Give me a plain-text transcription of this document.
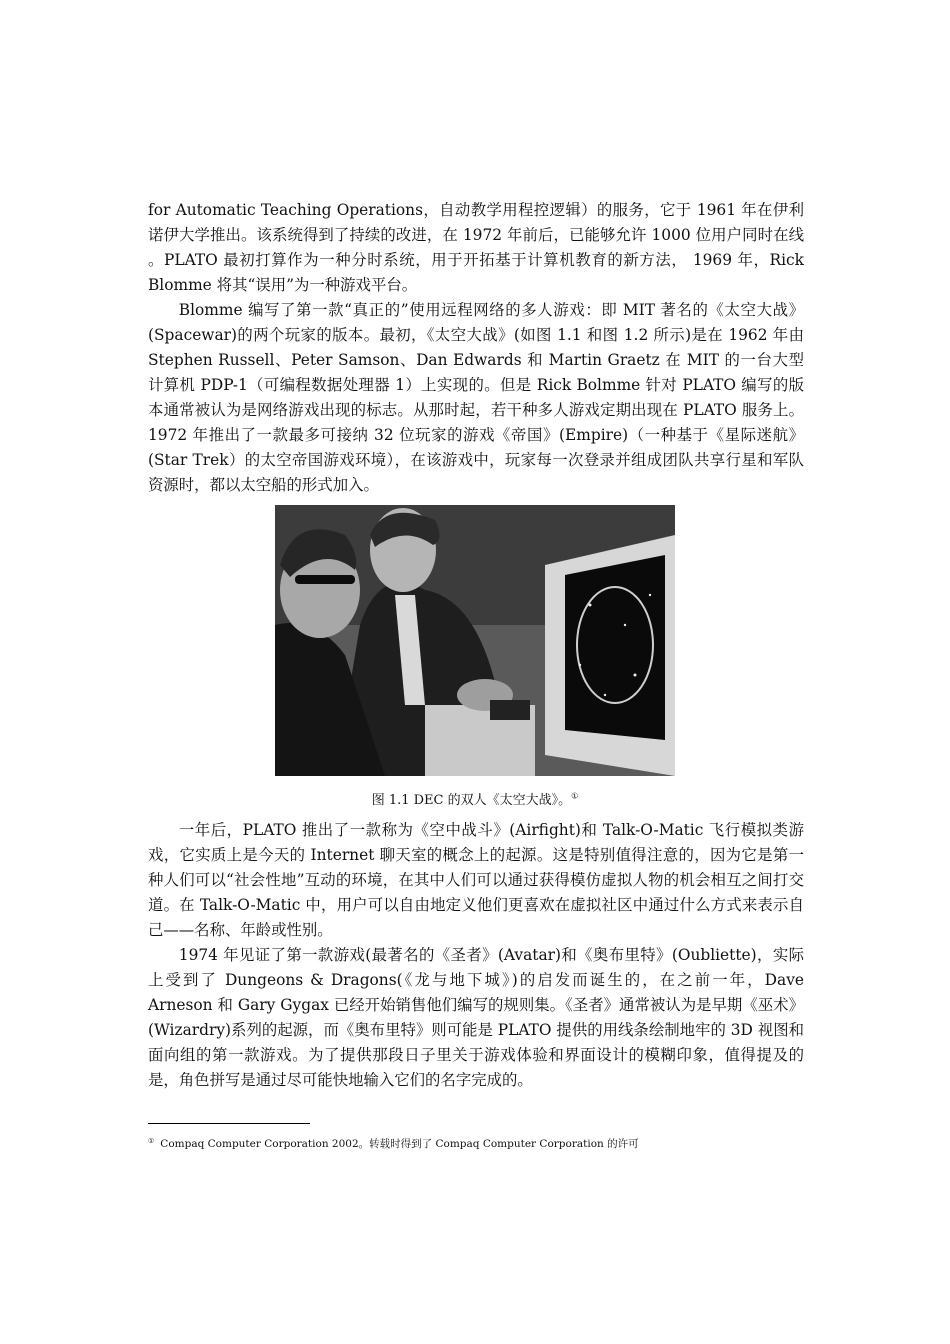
for Automatic Teaching Operations，自动教学用程控逻辑）的服务，它于 1961 年在伊利诺伊大学推出。该系统得到了持续的改进，在 1972 年前后，已能够允许 1000 位用户同时在线 。PLATO 最初打算作为一种分时系统，用于开拓基于计算机教育的新方法， 1969 年，Rick Blomme 将其“误用”为一种游戏平台。

Blomme 编写了第一款“真正的”使用远程网络的多人游戏：即 MIT 著名的《太空大战》(Spacewar)的两个玩家的版本。最初，《太空大战》(如图 1.1 和图 1.2 所示)是在 1962 年由 Stephen Russell、Peter Samson、Dan Edwards 和 Martin Graetz 在 MIT 的一台大型计算机 PDP-1（可编程数据处理器 1）上实现的。但是 Rick Bolmme 针对 PLATO 编写的版本通常被认为是网络游戏出现的标志。从那时起，若干种多人游戏定期出现在 PLATO 服务上。1972 年推出了一款最多可接纳 32 位玩家的游戏《帝国》(Empire)（一种基于《星际迷航》(Star Trek）的太空帝国游戏环境），在该游戏中，玩家每一次登录并组成团队共享行星和军队资源时，都以太空船的形式加入。

图 1.1 DEC 的双人《太空大战》。①

一年后，PLATO 推出了一款称为《空中战斗》(Airfight)和 Talk-O-Matic 飞行模拟类游戏，它实质上是今天的 Internet 聊天室的概念上的起源。这是特别值得注意的，因为它是第一种人们可以“社会性地”互动的环境，在其中人们可以通过获得模仿虚拟人物的机会相互之间打交道。在 Talk-O-Matic 中，用户可以自由地定义他们更喜欢在虚拟社区中通过什么方式来表示自己——名称、年龄或性别。

1974 年见证了第一款游戏(最著名的《圣者》(Avatar)和《奥布里特》(Oubliette)，实际上受到了 Dungeons & Dragons(《龙与地下城》)的启发而诞生的，在之前一年，Dave Arneson 和 Gary Gygax 已经开始销售他们编写的规则集。《圣者》通常被认为是早期《巫术》(Wizardry)系列的起源，而《奥布里特》则可能是 PLATO 提供的用线条绘制地牢的 3D 视图和面向组的第一款游戏。为了提供那段日子里关于游戏体验和界面设计的模糊印象，值得提及的是，角色拼写是通过尽可能快地输入它们的名字完成的。

① Compaq Computer Corporation 2002。转载时得到了 Compaq Computer Corporation 的许可
